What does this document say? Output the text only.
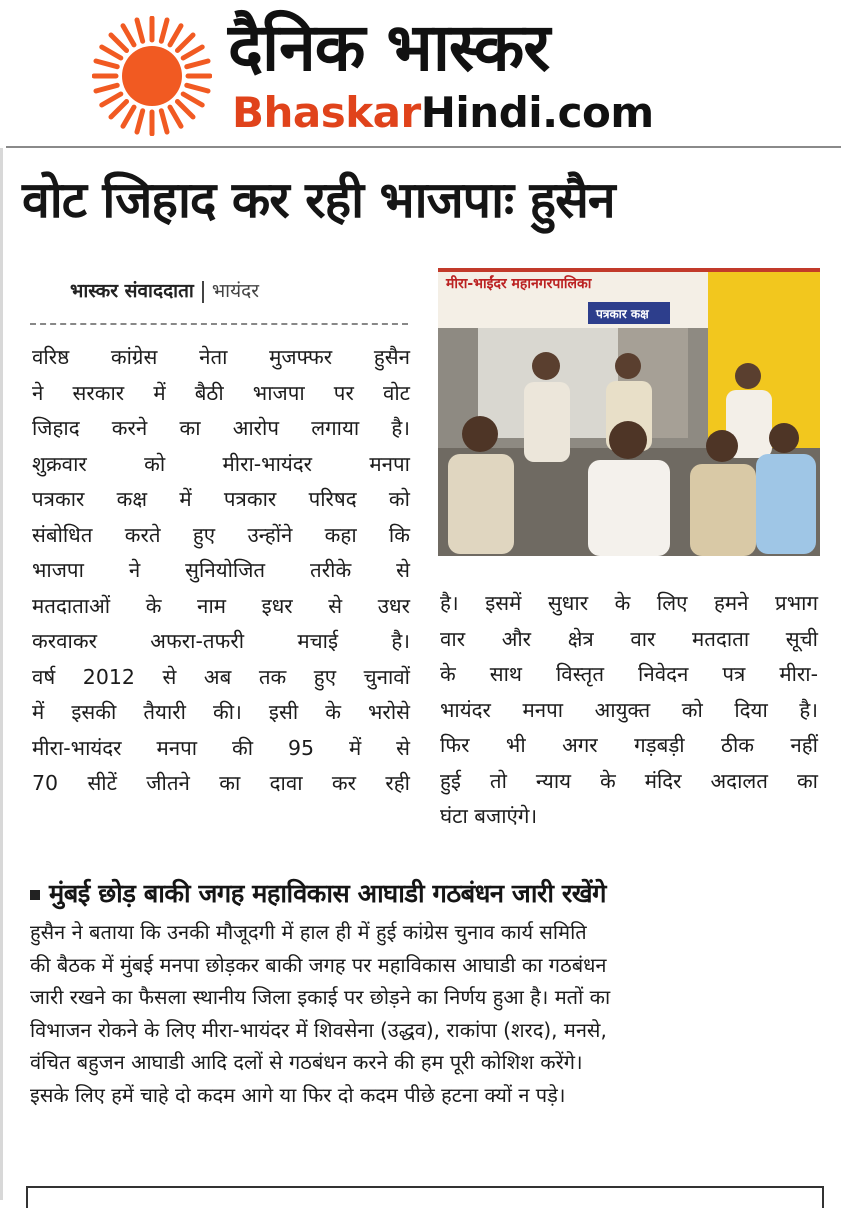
दैनिक भास्कर
BhaskarHindi.com
वोट जिहाद कर रही भाजपाः हुसैन
भास्कर संवाददाता भायंदर	मीरा-भाईंदर महानगरपालिका
पत्रकार कक्ष
वरिष्ठ कांग्रेस नेता मुजफ्फर हुसैन
ने सरकार में बैठी भाजपा पर वोट
जिहाद करने का आरोप लगाया है।
शुक्रवार को मीरा-भायंदर मनपा
पत्रकार कक्ष में पत्रकार परिषद को
संबोधित करते हुए उन्होंने कहा कि
भाजपा ने सुनियोजित तरीके से
मतदाताओं के नाम इधर से उधर
करवाकर अफरा-तफरी मचाई है।
वर्ष 2012 से अब तक हुए चुनावों
में इसकी तैयारी की। इसी के भरोसे
मीरा-भायंदर मनपा की 95 में से
70 सीटें जीतने का दावा कर रही
है। इसमें सुधार के लिए हमने प्रभाग
वार और क्षेत्र वार मतदाता सूची
के साथ विस्तृत निवेदन पत्र मीरा-
भायंदर मनपा आयुक्त को दिया है।
फिर भी अगर गड़बड़ी ठीक नहीं
हुई तो न्याय के मंदिर अदालत का
घंटा बजाएंगे।
मुंबई छोड़ बाकी जगह महाविकास आघाडी गठबंधन जारी रखेंगे
हुसैन ने बताया कि उनकी मौजूदगी में हाल ही में हुई कांग्रेस चुनाव कार्य समिति
की बैठक में मुंबई मनपा छोड़कर बाकी जगह पर महाविकास आघाडी का गठबंधन
जारी रखने का फैसला स्थानीय जिला इकाई पर छोड़ने का निर्णय हुआ है। मतों का
विभाजन रोकने के लिए मीरा-भायंदर में शिवसेना (उद्धव), राकांपा (शरद), मनसे,
वंचित बहुजन आघाडी आदि दलों से गठबंधन करने की हम पूरी कोशिश करेंगे।
इसके लिए हमें चाहे दो कदम आगे या फिर दो कदम पीछे हटना क्यों न पड़े।
